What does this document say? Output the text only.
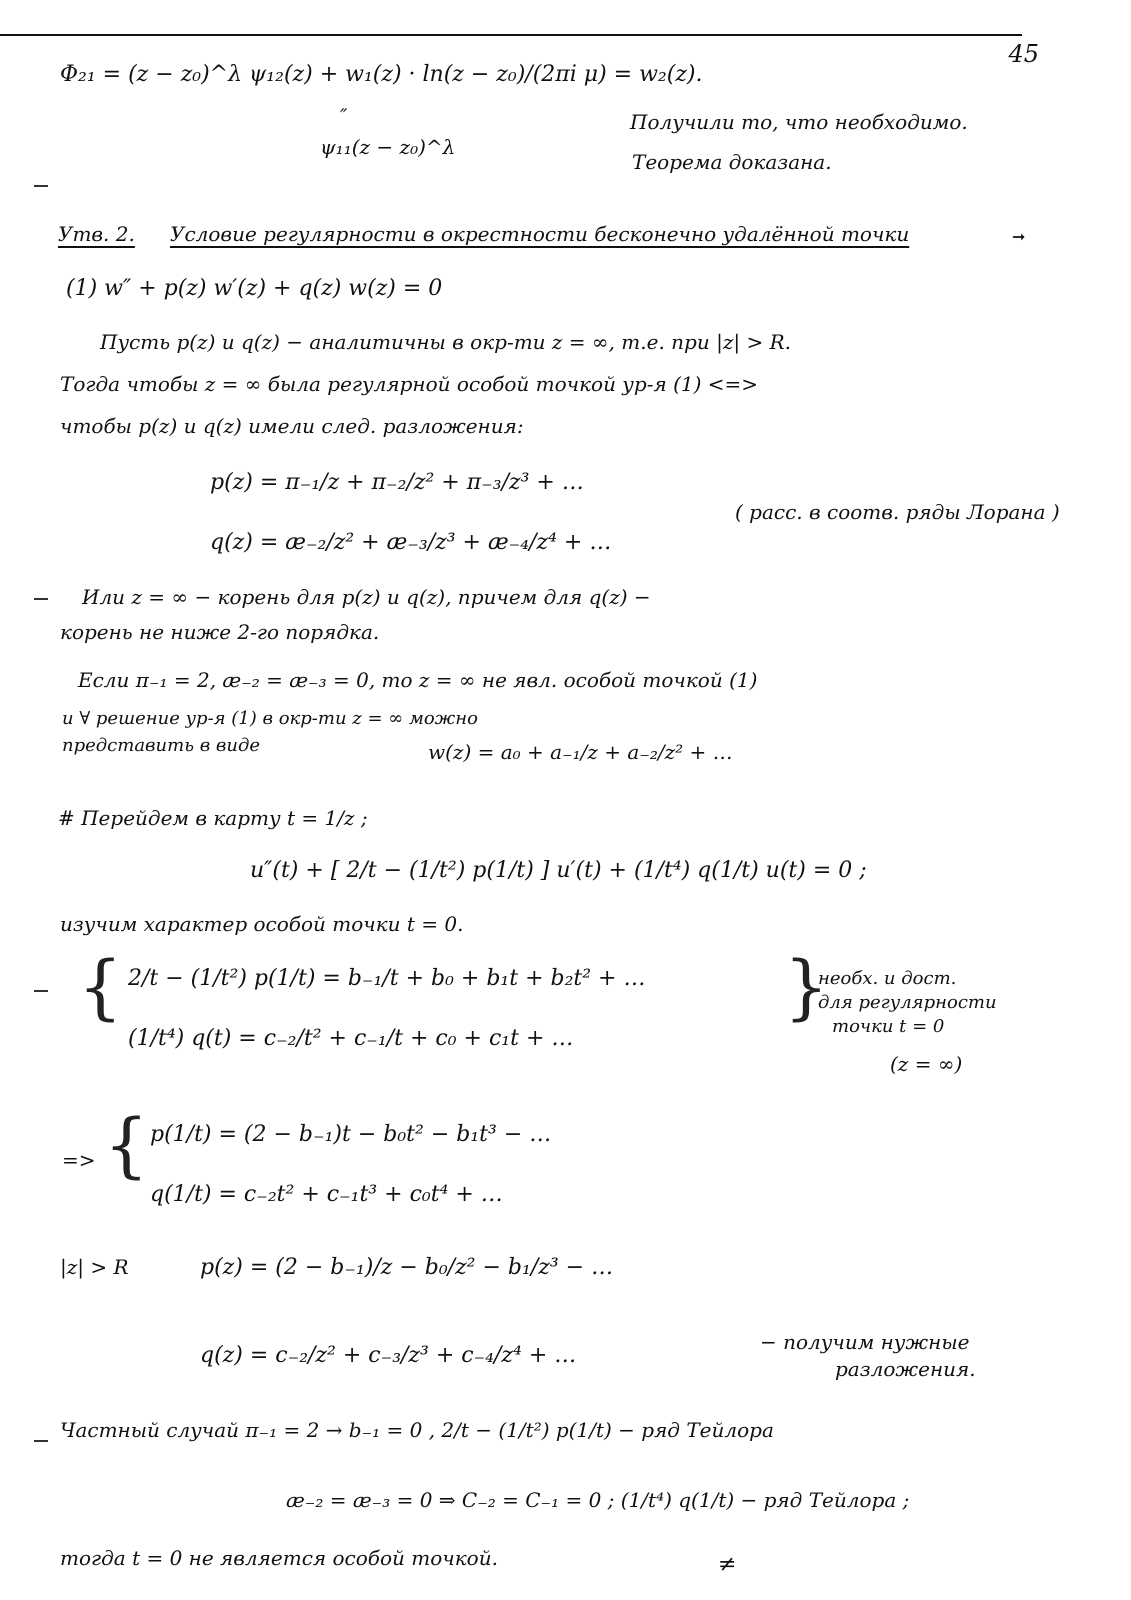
45
Φ₂₁ = (z − z₀)^λ ψ₁₂(z) + w₁(z) · ln(z − z₀)/(2πi μ) = w₂(z).
″
ψ₁₁(z − z₀)^λ
Получили то, что необходимо.
Теорема доказана.
Утв. 2. Условие регулярности в окрестности бесконечно удалённой точки	➞
(1) w″ + p(z) w′(z) + q(z) w(z) = 0
Пусть p(z) и q(z) − аналитичны в окр-ти z = ∞, т.е. при |z| > R.
Тогда чтобы z = ∞ была регулярной особой точкой ур-я (1) <=>
чтобы p(z) и q(z) имели след. разложения:
p(z) = π₋₁/z + π₋₂/z² + π₋₃/z³ + …
q(z) = æ₋₂/z² + æ₋₃/z³ + æ₋₄/z⁴ + …
( расс. в соотв. ряды Лорана )
Или z = ∞ − корень для p(z) и q(z), причем для q(z) −
корень не ниже 2-го порядка.
Если π₋₁ = 2, æ₋₂ = æ₋₃ = 0, то z = ∞ не явл. особой точкой (1)
и ∀ решение ур-я (1) в окр-ти z = ∞ можно
представить в виде	w(z) = a₀ + a₋₁/z + a₋₂/z² + …
# Перейдем в карту t = 1/z ;
u″(t) + [ 2/t − (1/t²) p(1/t) ] u′(t) + (1/t⁴) q(1/t) u(t) = 0 ;
изучим характер особой точки t = 0.
{ 2/t − (1/t²) p(1/t) = b₋₁/t + b₀ + b₁t + b₂t² + …
(1/t⁴) q(t) = c₋₂/t² + c₋₁/t + c₀ + c₁t + …
}
необх. и дост.
для регулярности
точки t = 0
(z = ∞)
=> { p(1/t) = (2 − b₋₁)t − b₀t² − b₁t³ − …
q(1/t) = c₋₂t² + c₋₁t³ + c₀t⁴ + …
|z| > R	p(z) = (2 − b₋₁)/z − b₀/z² − b₁/z³ − …
q(z) = c₋₂/z² + c₋₃/z³ + c₋₄/z⁴ + …
− получим нужные
разложения.
Частный случай π₋₁ = 2 → b₋₁ = 0 , 2/t − (1/t²) p(1/t) − ряд Тейлора
æ₋₂ = æ₋₃ = 0 ⇒ C₋₂ = C₋₁ = 0 ; (1/t⁴) q(1/t) − ряд Тейлора ;
тогда t = 0 не является особой точкой.	≠
